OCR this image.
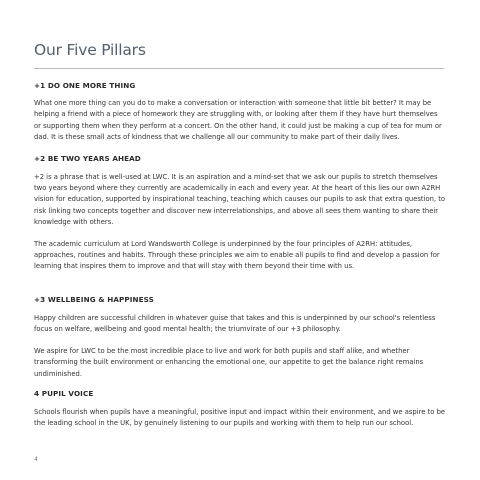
Our Five Pillars
+1 DO ONE MORE THING

What one more thing can you do to make a conversation or interaction with someone that little bit better? It may be helping a friend with a piece of homework they are struggling with, or looking after them if they have hurt themselves or supporting them when they perform at a concert. On the other hand, it could just be making a cup of tea for mum or dad. It is these small acts of kindness that we challenge all our community to make part of their daily lives.

+2 BE TWO YEARS AHEAD

+2 is a phrase that is well-used at LWC. It is an aspiration and a mind-set that we ask our pupils to stretch themselves two years beyond where they currently are academically in each and every year. At the heart of this lies our own A2RH vision for education, supported by inspirational teaching, teaching which causes our pupils to ask that extra question, to risk linking two concepts together and discover new interrelationships, and above all sees them wanting to share their knowledge with others.

The academic curriculum at Lord Wandsworth College is underpinned by the four principles of A2RH: attitudes, approaches, routines and habits. Through these principles we aim to enable all pupils to find and develop a passion for learning that inspires them to improve and that will stay with them beyond their time with us.

+3 WELLBEING & HAPPINESS

Happy children are successful children in whatever guise that takes and this is underpinned by our school's relentless focus on welfare, wellbeing and good mental health; the triumvirate of our +3 philosophy.

We aspire for LWC to be the most incredible place to live and work for both pupils and staff alike, and whether transforming the built environment or enhancing the emotional one, our appetite to get the balance right remains undiminished.

4 PUPIL VOICE

Schools flourish when pupils have a meaningful, positive input and impact within their environment, and we aspire to be the leading school in the UK, by genuinely listening to our pupils and working with them to help run our school.

4
